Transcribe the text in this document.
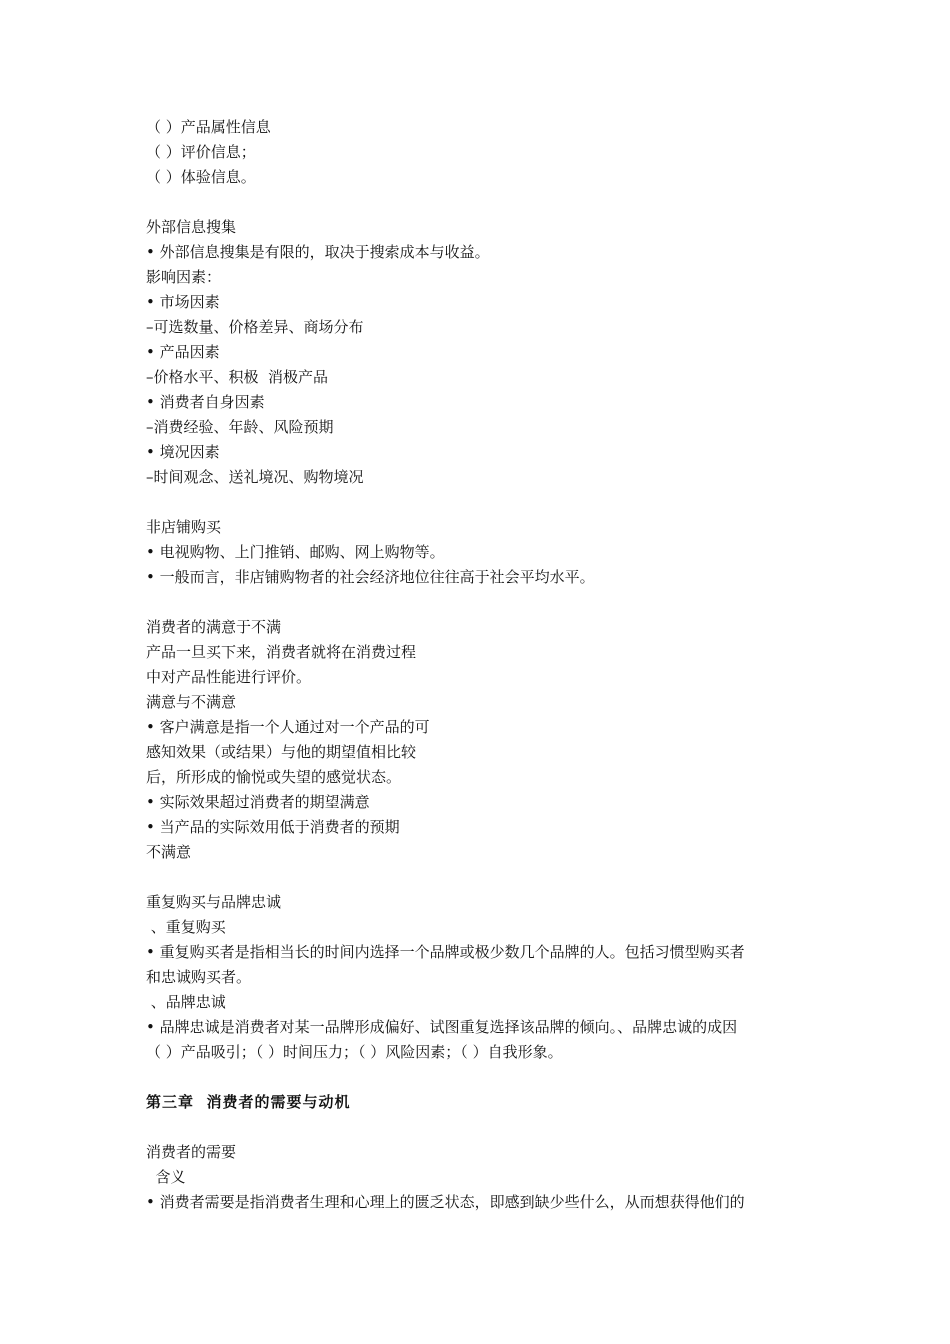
（ ）产品属性信息
（ ）评价信息；
（ ）体验信息。
外部信息搜集
• 外部信息搜集是有限的，取决于搜索成本与收益。
影响因素：
• 市场因素
–可选数量、价格差异、商场分布
• 产品因素
–价格水平、积极  消极产品
• 消费者自身因素
–消费经验、年龄、风险预期
• 境况因素
–时间观念、送礼境况、购物境况
非店铺购买
• 电视购物、上门推销、邮购、网上购物等。
• 一般而言，非店铺购物者的社会经济地位往往高于社会平均水平。
消费者的满意于不满
产品一旦买下来，消费者就将在消费过程
中对产品性能进行评价。
满意与不满意
• 客户满意是指一个人通过对一个产品的可
感知效果（或结果）与他的期望值相比较
后，所形成的愉悦或失望的感觉状态。
• 实际效果超过消费者的期望满意
• 当产品的实际效用低于消费者的预期
不满意
重复购买与品牌忠诚
、重复购买
• 重复购买者是指相当长的时间内选择一个品牌或极少数几个品牌的人。包括习惯型购买者
和忠诚购买者。
、品牌忠诚
• 品牌忠诚是消费者对某一品牌形成偏好、试图重复选择该品牌的倾向。、品牌忠诚的成因
（ ）产品吸引；（ ）时间压力；（ ）风险因素；（ ）自我形象。
第三章  消费者的需要与动机
消费者的需要
含义
• 消费者需要是指消费者生理和心理上的匮乏状态，即感到缺少些什么，从而想获得他们的
